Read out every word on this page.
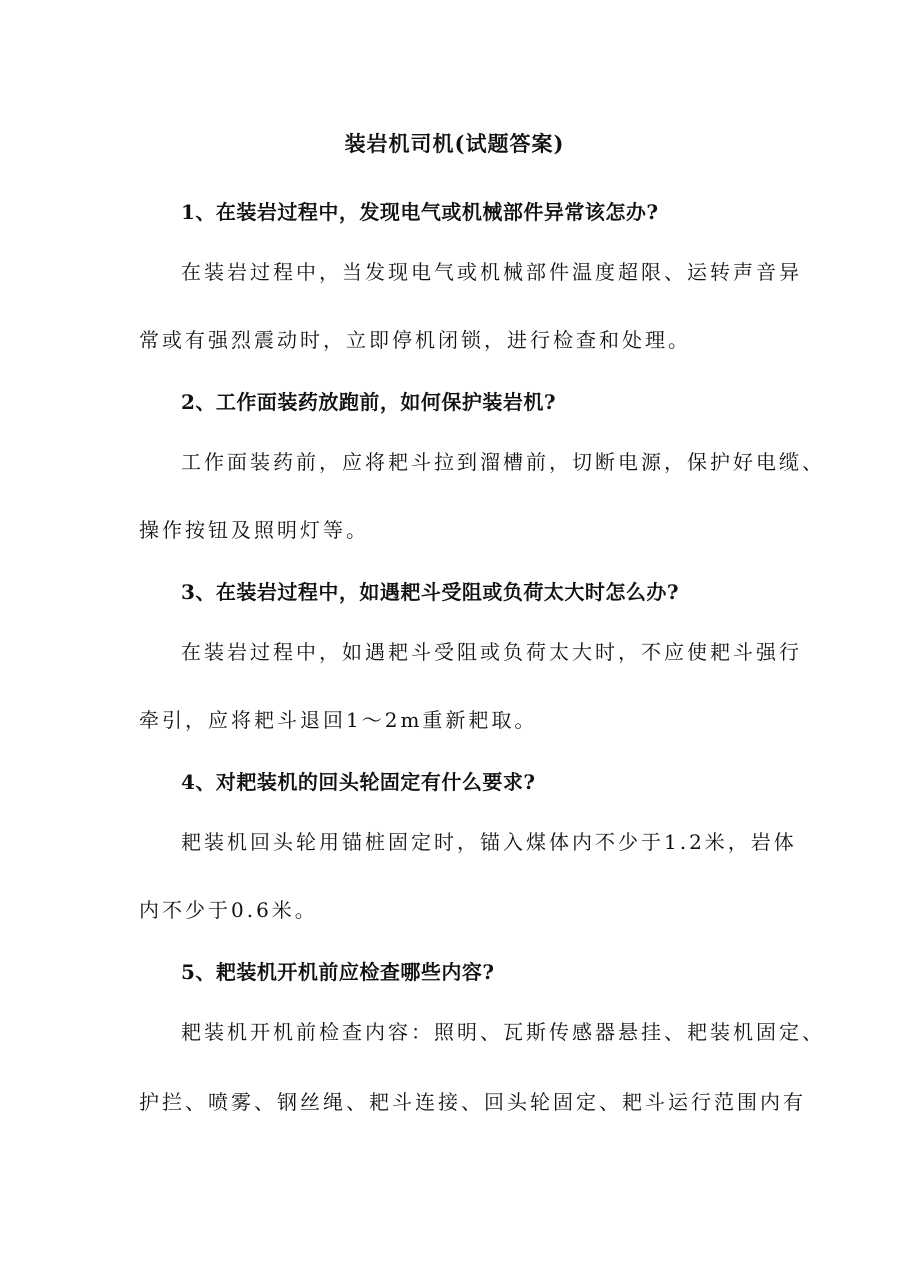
装岩机司机(试题答案)
1、在装岩过程中，发现电气或机械部件异常该怎办?
在装岩过程中，当发现电气或机械部件温度超限、运转声音异
常或有强烈震动时，立即停机闭锁，进行检查和处理。
2、工作面装药放跑前，如何保护装岩机?
工作面装药前，应将耙斗拉到溜槽前，切断电源，保护好电缆、
操作按钮及照明灯等。
3、在装岩过程中，如遇耙斗受阻或负荷太大时怎么办?
在装岩过程中，如遇耙斗受阻或负荷太大时，不应使耙斗强行
牵引，应将耙斗退回1～2m重新耙取。
4、对耙装机的回头轮固定有什么要求?
耙装机回头轮用锚桩固定时，锚入煤体内不少于1.2米，岩体
内不少于0.6米。
5、耙装机开机前应检查哪些内容?
耙装机开机前检查内容：照明、瓦斯传感器悬挂、耙装机固定、
护拦、喷雾、钢丝绳、耙斗连接、回头轮固定、耙斗运行范围内有
